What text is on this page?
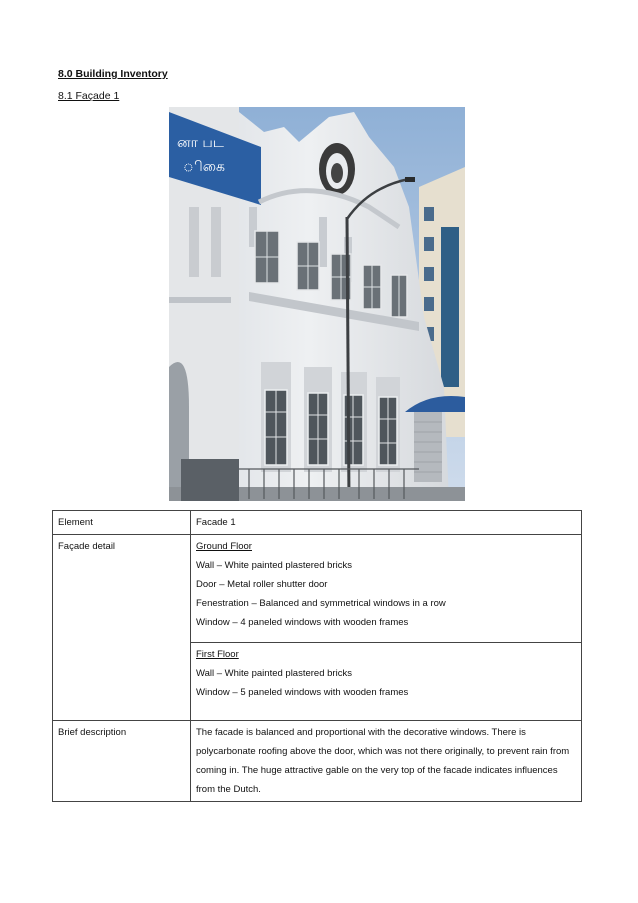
8.0 Building Inventory
8.1 Façade 1
னா பட
ிகை
Element	Facade 1
Façade detail	Ground Floor
Wall – White painted plastered bricks
Door – Metal roller shutter door
Fenestration – Balanced and symmetrical windows in a row
Window – 4 paneled windows with wooden frames

	First Floor
Wall – White painted plastered bricks
Window – 5 paneled windows with wooden frames

Brief description	The facade is balanced and proportional with the decorative windows. There is polycarbonate roofing above the door, which was not there originally, to prevent rain from coming in. The huge attractive gable on the very top of the facade indicates influences from the Dutch.
